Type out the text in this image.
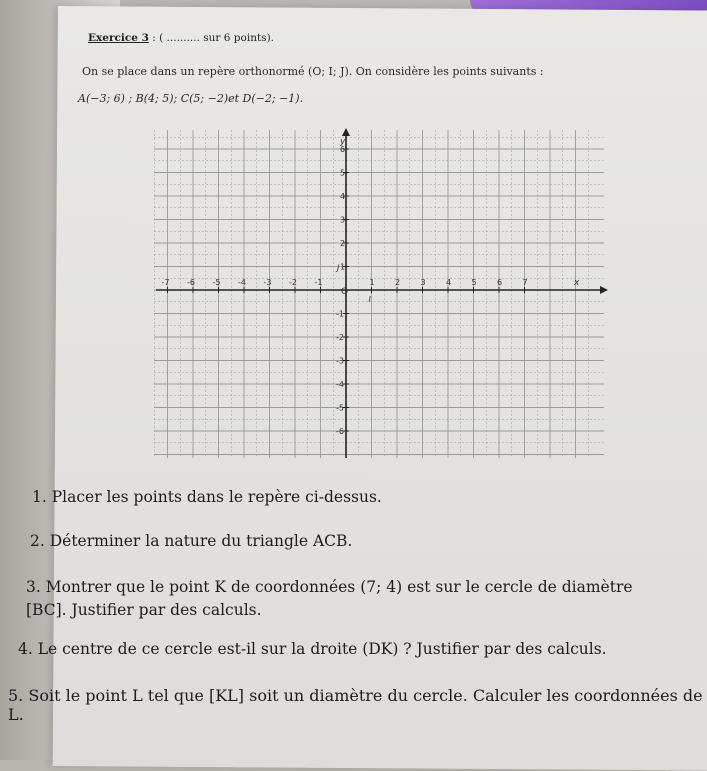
Exercice 3 : ( .......... sur 6 points).
On se place dans un repère orthonormé (O; I; J). On considère les points suivants :
A(−3; 6) ; B(4; 5); C(5; −2)et D(−2; −1).
-7 -6 -5 -4 -3 -2 -1	1	2	3	4	5	6	7
6
5
4
3
2
1
-1
-2
-3
-4
-5
-6
O
I
J
x
y
1. Placer les points dans le repère ci-dessus.
2. Déterminer la nature du triangle ACB.
3. Montrer que le point K de coordonnées (7; 4) est sur le cercle de diamètre [BC]. Justifier par des calculs.
4. Le centre de ce cercle est-il sur la droite (DK) ? Justifier par des calculs.
5. Soit le point L tel que [KL] soit un diamètre du cercle. Calculer les coordonnées de L.
